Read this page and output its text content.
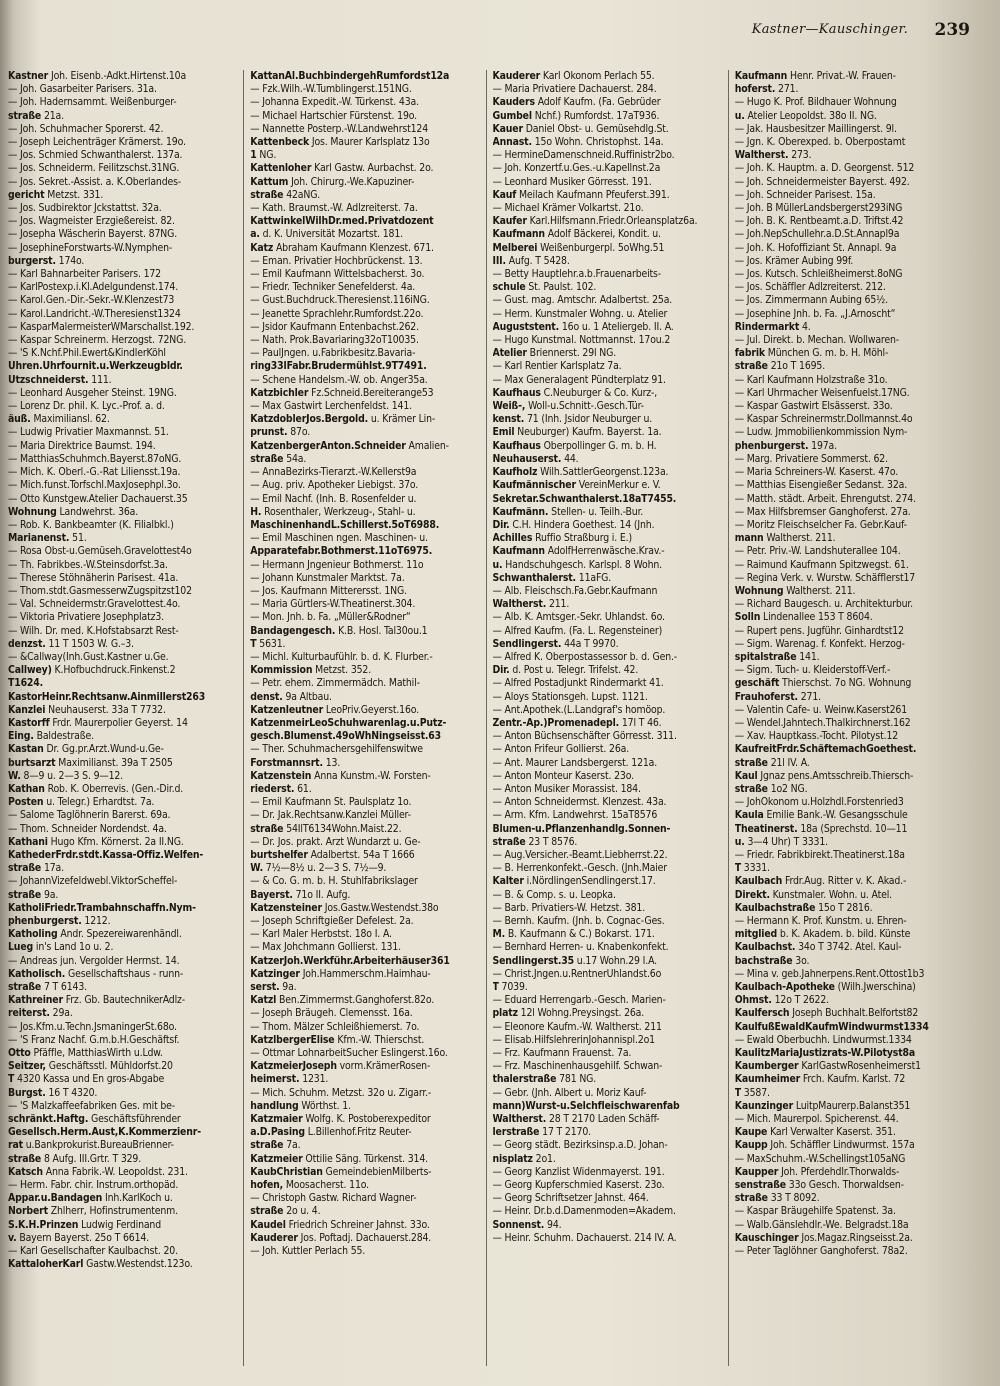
Kastner—Kauschinger. 239
Kastner Joh. Eisenb.-Adkt.Hirtenst.10a
— Joh. Gasarbeiter Parisers. 31a.
— Joh. Hadernsammt. Weißenburger-
straße 21a.
— Joh. Schuhmacher Sporerst. 42.
— Joseph Leichenträger Krämerst. 19o.
— Jos. Schmied Schwanthalerst. 137a.
— Jos. Schneiderm. Feilitzschst.31NG.
— Jos. Sekret.-Assist. a. K.Oberlandes-
gericht Metzst. 331.
— Jos. Sudbirektor Jckstattst. 32a.
— Jos. Wagmeister Erzgießereist. 82.
— Josepha Wäscherin Bayerst. 87NG.
— JosephineForstwarts-W.Nymphen-
burgerst. 174o.
— Karl Bahnarbeiter Parisers. 172
— KarlPostexp.i.Kl.Adelgundenst.174.
— Karol.Gen.-Dir.-Sekr.-W.Klenzest73
— Karol.Landricht.-W.Theresienst1324
— KasparMalermeisterWMarschallst.192.
— Kaspar Schreinerm. Herzogst. 72NG.
— 'S K.Nchf.Phil.Ewert&KindlerKöhl
Uhren.Uhrfournit.u.Werkzeugbldr.
Utzschneiderst. 111.
— Leonhard Ausgeher Steinst. 19NG.
— Lorenz Dr. phil. K. Lyc.-Prof. a. d.
äuß. Maximiliansl. 62.
— Ludwig Privatier Maxmannst. 51.
— Maria Direktrice Baumst. 194.
— MatthiasSchuhmch.Bayerst.87oNG.
— Mich. K. Oberl.-G.-Rat Liliensst.19a.
— Mich.funst.Torfschl.MaxJosephpl.3o.
— Otto Kunstgew.Atelier Dachauerst.35
Wohnung Landwehrst. 36a.
— Rob. K. Bankbeamter (K. Filialbkl.)
Marianenst. 51.
— Rosa Obst-u.Gemüseh.Gravelottest4o
— Th. Fabrikbes.-W.Steinsdorfst.3a.
— Therese Stöhnäherin Parisest. 41a.
— Thom.stdt.GasmesserwZugspitzst102
— Val. Schneidermstr.Gravelottest.4o.
— Viktoria Privatiere Josephplatz3.
— Wilh. Dr. med. K.Hofstabsarzt Rest-
denzst. 11 T 1503 W. G.–3.
— &Callway(Inh.Gust.Kastner u.Ge.
Callwey) K.Hofbuchdruck.Finkenst.2
T1624.
KastorHeinr.Rechtsanw.Ainmillerst263
Kanzlei Neuhauserst. 33a T 7732.
Kastorff Frdr. Maurerpolier Geyerst. 14
Eing. Baldestraße.
Kastan Dr. Gg.pr.Arzt.Wund-u.Ge-
burtsarzt Maximilianst. 39a T 2505
W. 8—9 u. 2—3 S. 9—12.
Kathan Rob. K. Oberrevis. (Gen.-Dir.d.
Posten u. Telegr.) Erhardtst. 7a.
— Salome Taglöhnerin Barerst. 69a.
— Thom. Schneider Nordendst. 4a.
Kathani Hugo Kfm. Körnerst. 2a II.NG.
KathederFrdr.stdt.Kassa-Offiz.Welfen-
straße 17a.
— JohannVizefeldwebl.ViktorScheffel-
straße 9a.
KatholiFriedr.Trambahnschaffn.Nym-
phenburgerst. 1212.
Katholing Andr. Spezereiwarenhändl.
Lueg in's Land 1o u. 2.
— Andreas jun. Vergolder Herrnst. 14.
Katholisch. Gesellschaftshaus - runn-
straße 7 T 6143.
Kathreiner Frz. Gb. BautechnikerAdlz-
reiterst. 29a.
— Jos.Kfm.u.Techn.JsmaningerSt.68o.
— 'S Franz Nachf. G.m.b.H.Geschäftsf.
Otto Pfäffle, MatthiasWirth u.Ldw.
Seitzer, Geschäftsstl. Mühldorfst.20
T 4320 Kassa und En gros-Abgabe
Burgst. 16 T 4320.
— 'S Malzkaffeefabriken Ges. mit be-
schränkt.Haftg. Geschäftsführender
Gesellsch.Herm.Aust,K.Kommerzienr-
rat u.Bankprokurist.BureauBrienner-
straße 8 Aufg. III.Grtr. T 329.
Katsch Anna Fabrik.-W. Leopoldst. 231.
— Herm. Fabr. chir. Instrum.orthopäd.
Appar.u.Bandagen Inh.KarlKoch u.
Norbert Zhlherr, Hofinstrumentenm.
S.K.H.Prinzen Ludwig Ferdinand
v. Bayern Bayerst. 25o T 6614.
— Karl Gesellschafter Kaulbachst. 20.
KattaloherKarl Gastw.Westendst.123o.
KattanAl.BuchbindergehRumfordst12a
— Fzk.Wilh.-W.Tumblingerst.151NG.
— Johanna Expedit.-W. Türkenst. 43a.
— Michael Hartschier Fürstenst. 19o.
— Nannette Posterp.-W.Landwehrst124
Kattenbeck Jos. Maurer Karlsplatz 13o
1 NG.
Kattenloher Karl Gastw. Aurbachst. 2o.
Kattum Joh. Chirurg.-We.Kapuziner-
straße 42aNG.
— Kath. Braumst.-W. Adlzreiterst. 7a.
KattwinkelWilhDr.med.Privatdozent
a. d. K. Universität Mozartst. 181.
Katz Abraham Kaufmann Klenzest. 671.
— Eman. Privatier Hochbrückenst. 13.
— Emil Kaufmann Wittelsbacherst. 3o.
— Friedr. Techniker Senefelderst. 4a.
— Gust.Buchdruck.Theresienst.116iNG.
— Jeanette Sprachlehr.Rumfordst.22o.
— Jsidor Kaufmann Entenbachst.262.
— Nath. Prok.Bavariaring32oT10035.
— PaulJngen. u.Fabrikbesitz.Bavaria-
ring33lFabr.Brudermühlst.9T7491.
— Schene Handelsm.-W. ob. Anger35a.
Katzbichler Fz.Schneid.Bereiterange53
— Max Gastwirt Lerchenfeldst. 141.
KatzdoblerJos.Bergold. u. Krämer Lin-
prunst. 87o.
KatzenbergerAnton.Schneider Amalien-
straße 54a.
— AnnaBezirks-Tierarzt.-W.Kellerst9a
— Aug. priv. Apotheker Liebigst. 37o.
— Emil Nachf. (Inh. B. Rosenfelder u.
H. Rosenthaler, Werkzeug-, Stahl- u.
MaschinenhandL.Schillerst.5oT6988.
— Emil Maschinen ngen. Maschinen- u.
Apparatefabr.Bothmerst.11oT6975.
— Hermann Jngenieur Bothmerst. 11o
— Johann Kunstmaler Marktst. 7a.
— Jos. Kaufmann Mitterersst. 1NG.
— Maria Gürtlers-W.Theatinerst.304.
— Mon. Jnh. b. Fa. „Müller&Rodner“
Bandagengesch. K.B. Hosl. Tal30ou.1
T 5631.
— Michl. Kulturbaufühlr. b. d. K. Flurber.-
Kommission Metzst. 352.
— Petr. ehem. Zimmermädch. Mathil-
denst. 9a Altbau.
Katzenleutner LeoPriv.Geyerst.16o.
KatzenmeirLeoSchuhwarenlag.u.Putz-
gesch.Blumenst.49oWhNingseisst.63
— Ther. Schuhmachersgehilfenswitwe
Forstmannsrt. 13.
Katzenstein Anna Kunstm.-W. Forsten-
riederst. 61.
— Emil Kaufmann St. Paulsplatz 1o.
— Dr. Jak.Rechtsanw.Kanzlei Müller-
straße 54IlT6134Wohn.Maist.22.
— Dr. Jos. prakt. Arzt Wundarzt u. Ge-
burtshelfer Adalbertst. 54a T 1666
W. 7½—8½ u. 2—3 S. 7½—9.
— & Co. G. m. b. H. Stuhlfabrikslager
Bayerst. 71o II. Aufg.
Katzensteiner Jos.Gastw.Westendst.38o
— Joseph Schriftgießer Defelest. 2a.
— Karl Maler Herbstst. 18o I. A.
— Max Johchmann Gollierst. 131.
KatzerJoh.Werkführ.Arbeiterhäuser361
Katzinger Joh.Hammerschm.Haimhau-
serst. 9a.
Katzl Ben.Zimmermst.Ganghoferst.82o.
— Joseph Bräugeh. Clemensst. 16a.
— Thom. Mälzer Schleißhiemerst. 7o.
KatzlbergerElise Kfm.-W. Thierschst.
— Ottmar LohnarbeitSucher Eslingerst.16o.
KatzmeierJoseph vorm.KrämerRosen-
heimerst. 1231.
— Mich. Schuhm. Metzst. 32o u. Zigarr.-
handlung Wörthst. 1.
Katzmaier Wolfg. K. Postoberexpeditor
a.D.Pasing L.Billenhof.Fritz Reuter-
straße 7a.
Katzmeier Ottilie Säng. Türkenst. 314.
KaubChristian GemeindebienMilberts-
hofen, Moosacherst. 11o.
— Christoph Gastw. Richard Wagner-
straße 2o u. 4.
Kaudel Friedrich Schreiner Jahnst. 33o.
Kauderer Jos. Poftadj. Dachauerst.284.
— Joh. Kuttler Perlach 55.
Kauderer Karl Ökonom Perlach 55.
— Maria Privatiere Dachauerst. 284.
Kauders Adolf Kaufm. (Fa. Gebrüder
Gumbel Nchf.) Rumfordst. 17aT936.
Kauer Daniel Obst- u. Gemüsehdlg.St.
Annast. 15o Wohn. Christophst. 14a.
— HermineDamenschneid.Ruffinistr2bo.
— Joh. Konzertf.u.Ges.-u.Kapellnst.2a
— Leonhard Musiker Görresst. 191.
Kauf Meilach Kaufmann Pfeuferst.391.
— Michael Krämer Volkartst. 21o.
Kaufer Karl.Hilfsmann.Friedr.Orleansplatz6a.
Kaufmann Adolf Bäckerei, Kondit. u.
Melberei Weißenburgerpl. 5oWhg.51
III. Aufg. T 5428.
— Betty Hauptlehr.a.b.Frauenarbeits-
schule St. Paulst. 102.
— Gust. mag. Amtschr. Adalbertst. 25a.
— Herm. Kunstmaler Wohng. u. Atelier
Auguststent. 16o u. 1 Ateliergeb. II. A.
— Hugo Kunstmal. Nottmannst. 17ou.2
Atelier Briennerst. 29l NG.
— Karl Rentier Karlsplatz 7a.
— Max Generalagent Pündterplatz 91.
Kaufhaus C.Neuburger & Co. Kurz-,
Weiß-, Woll-u.Schnitt-.Gesch.Tür-
kenst. 71 (Inh. Jsidor Neuburger u.
Emil Neuburger) Kaufm. Bayerst. 1a.
Kaufhaus Oberpollinger G. m. b. H.
Neuhauserst. 44.
Kaufholz Wilh.SattlerGeorgenst.123a.
Kaufmännischer VereinMerkur e. V.
Sekretar.Schwanthalerst.18aT7455.
Kaufmänn. Stellen- u. Teilh.-Bur.
Dir. C.H. Hindera Goethest. 14 (Jnh.
Achilles Ruffio Straßburg i. E.)
Kaufmann AdolfHerrenwäsche.Krav.-
u. Handschuhgesch. Karlspl. 8 Wohn.
Schwanthalerst. 11aFG.
— Alb. Fleischsch.Fa.Gebr.Kaufmann
Waltherst. 211.
— Alb. K. Amtsger.-Sekr. Uhlandst. 6o.
— Alfred Kaufm. (Fa. L. Regensteiner)
Sendlingerst. 44a T 9970.
— Alfred K. Oberpostassessor b. d. Gen.-
Dir. d. Post u. Telegr. Trifelst. 42.
— Alfred Postadjunkt Rindermarkt 41.
— Aloys Stationsgeh. Lupst. 1121.
— Ant.Apothek.(L.Landgraf's homöop.
Zentr.-Ap.)Promenadepl. 17l T 46.
— Anton Büchsenschäfter Görresst. 311.
— Anton Frifeur Gollierst. 26a.
— Ant. Maurer Landsbergerst. 121a.
— Anton Monteur Kaserst. 23o.
— Anton Musiker Morassist. 184.
— Anton Schneidermst. Klenzest. 43a.
— Arm. Kfm. Landwehrst. 15aT8576
Blumen-u.Pflanzenhandlg.Sonnen-
straße 23 T 8576.
— Aug.Versicher.-Beamt.Liebherrst.22.
— B. Herrenkonfekt.-Gesch. (Jnh.Maier
Kalter i.NördlingenSendlingerst.17.
— B. & Comp. s. u. Leopka.
— Barb. Privatiers-W. Hetzst. 381.
— Bernh. Kaufm. (Jnh. b. Cognac-Ges.
M. B. Kaufmann & C.) Bokarst. 171.
— Bernhard Herren- u. Knabenkonfekt.
Sendlingerst.35 u.17 Wohn.29 I.A.
— Christ.Jngen.u.RentnerUhlandst.6o
T 7039.
— Eduard Herrengarb.-Gesch. Marien-
platz 12l Wohng.Preysingst. 26a.
— Eleonore Kaufm.-W. Waltherst. 211
— Elisab.HilfslehrerinJohannispl.2o1
— Frz. Kaufmann Frauenst. 7a.
— Frz. Maschinenhausgehilf. Schwan-
thalerstraße 781 NG.
— Gebr. (Jnh. Albert u. Moriz Kauf-
mann)Wurst-u.Selchfleischwarenfab
Waltherst. 28 T 2170 Laden Schäff-
lerstraße 17 T 2170.
— Georg städt. Bezirksinsp.a.D. Johan-
nisplatz 2o1.
— Georg Kanzlist Widenmayerst. 191.
— Georg Kupferschmied Kaserst. 23o.
— Georg Schriftsetzer Jahnst. 464.
— Heinr. Dr.b.d.Damenmoden=Akadem.
Sonnenst. 94.
— Heinr. Schuhm. Dachauerst. 214 IV. A.
Kaufmann Henr. Privat.-W. Frauen-
hoferst. 271.
— Hugo K. Prof. Bildhauer Wohnung
u. Atelier Leopoldst. 38o II. NG.
— Jak. Hausbesitzer Maillingerst. 9l.
— Jgn. K. Oberexped. b. Oberpostamt
Waltherst. 273.
— Joh. K. Hauptm. a. D. Georgenst. 512
— Joh. Schneidermeister Bayerst. 492.
— Joh. Schneider Parisest. 15a.
— Joh. B MüllerLandsbergerst293iNG
— Joh. B. K. Rentbeamt.a.D. Triftst.42
— Joh.NepSchullehr.a.D.St.Annapl9a
— Joh. K. Hofoffiziant St. Annapl. 9a
— Jos. Krämer Aubing 99f.
— Jos. Kutsch. Schleißheimerst.8oNG
— Jos. Schäffler Adlzreiterst. 212.
— Jos. Zimmermann Aubing 65½.
— Josephine Jnh. b. Fa. „J.Arnoscht“
Rindermarkt 4.
— Jul. Direkt. b. Mechan. Wollwaren-
fabrik München G. m. b. H. Möhl-
straße 21o T 1695.
— Karl Kaufmann Holzstraße 31o.
— Karl Uhrmacher Weisenfuelst.17NG.
— Kaspar Gastwirt Elsässerst. 33o.
— Kaspar Schreinermstr.Dollmannst.4o
— Ludw. Jmmobilienkommission Nym-
phenburgerst. 197a.
— Marg. Privatiere Sommerst. 62.
— Maria Schreiners-W. Kaserst. 47o.
— Matthias Eisengießer Sedanst. 32a.
— Matth. städt. Arbeit. Ehrengutst. 274.
— Max Hilfsbremser Ganghoferst. 27a.
— Moritz Fleischselcher Fa. Gebr.Kauf-
mann Waltherst. 211.
— Petr. Priv.-W. Landshuterallee 104.
— Raimund Kaufmann Spitzwegst. 61.
— Regina Verk. v. Wurstw. Schäfflerst17
Wohnung Waltherst. 211.
— Richard Baugesch. u. Architekturbur.
Solln Lindenallee 153 T 8604.
— Rupert pens. Jugführ. Ginhardtst12
— Sigm. Warenag. f. Konfekt. Herzog-
spitalstraße 141.
— Sigm. Tuch- u. Kleiderstoff-Verf.-
geschäft Thierschst. 7o NG. Wohnung
Frauhoferst. 271.
— Valentin Cafe- u. Weinw.Kaserst261
— Wendel.Jahntech.Thalkirchnerst.162
— Xav. Hauptkass.-Tocht. Pilotyst.12
KaufreitFrdr.SchäftemachGoethest.
straße 21l IV. A.
Kaul Jgnaz pens.Amtsschreib.Thiersch-
straße 1o2 NG.
— JohOkonom u.Holzhdl.Forstenried3
Kaula Emilie Bank.-W. Gesangsschule
Theatinerst. 18a (Sprechstd. 10—11
u. 3—4 Uhr) T 3331.
— Friedr. Fabrikbirekt.Theatinerst.18a
T 3331.
Kaulbach Frdr.Aug. Ritter v. K. Akad.-
Direkt. Kunstmaler. Wohn. u. Atel.
Kaulbachstraße 15o T 2816.
— Hermann K. Prof. Kunstm. u. Ehren-
mitglied b. K. Akadem. b. bild. Künste
Kaulbachst. 34o T 3742. Atel. Kaul-
bachstraße 3o.
— Mina v. geb.Jahnerpens.Rent.Ottost1b3
Kaulbach-Apotheke (Wilh.Jwerschina)
Ohmst. 12o T 2622.
Kaulfersch Joseph Buchhalt.Belfortst82
KaulfußEwaldKaufmWindwurmst1334
— Ewald Oberbuchh. Lindwurmst.1334
KaulitzMariaJustizrats-W.Pilotyst8a
Kaumberger KarlGastwRosenheimerst1
Kaumheimer Frch. Kaufm. Karlst. 72
T 3587.
Kaunzinger LuitpMaurerp.Balanst351
— Mich. Maurerpol. Spicherenst. 44.
Kaupe Karl Verwalter Kaserst. 351.
Kaupp Joh. Schäffler Lindwurmst. 157a
— MaxSchuhm.-W.Schellingst105aNG
Kaupper Joh. Pferdehdlr.Thorwalds-
senstraße 33o Gesch. Thorwaldsen-
straße 33 T 8092.
— Kaspar Bräugehilfe Spatenst. 3a.
— Walb.Gänslehdlr.-We. Belgradst.18a
Kauschinger Jos.Magaz.Ringseisst.2a.
— Peter Taglöhner Ganghoferst. 78a2.
